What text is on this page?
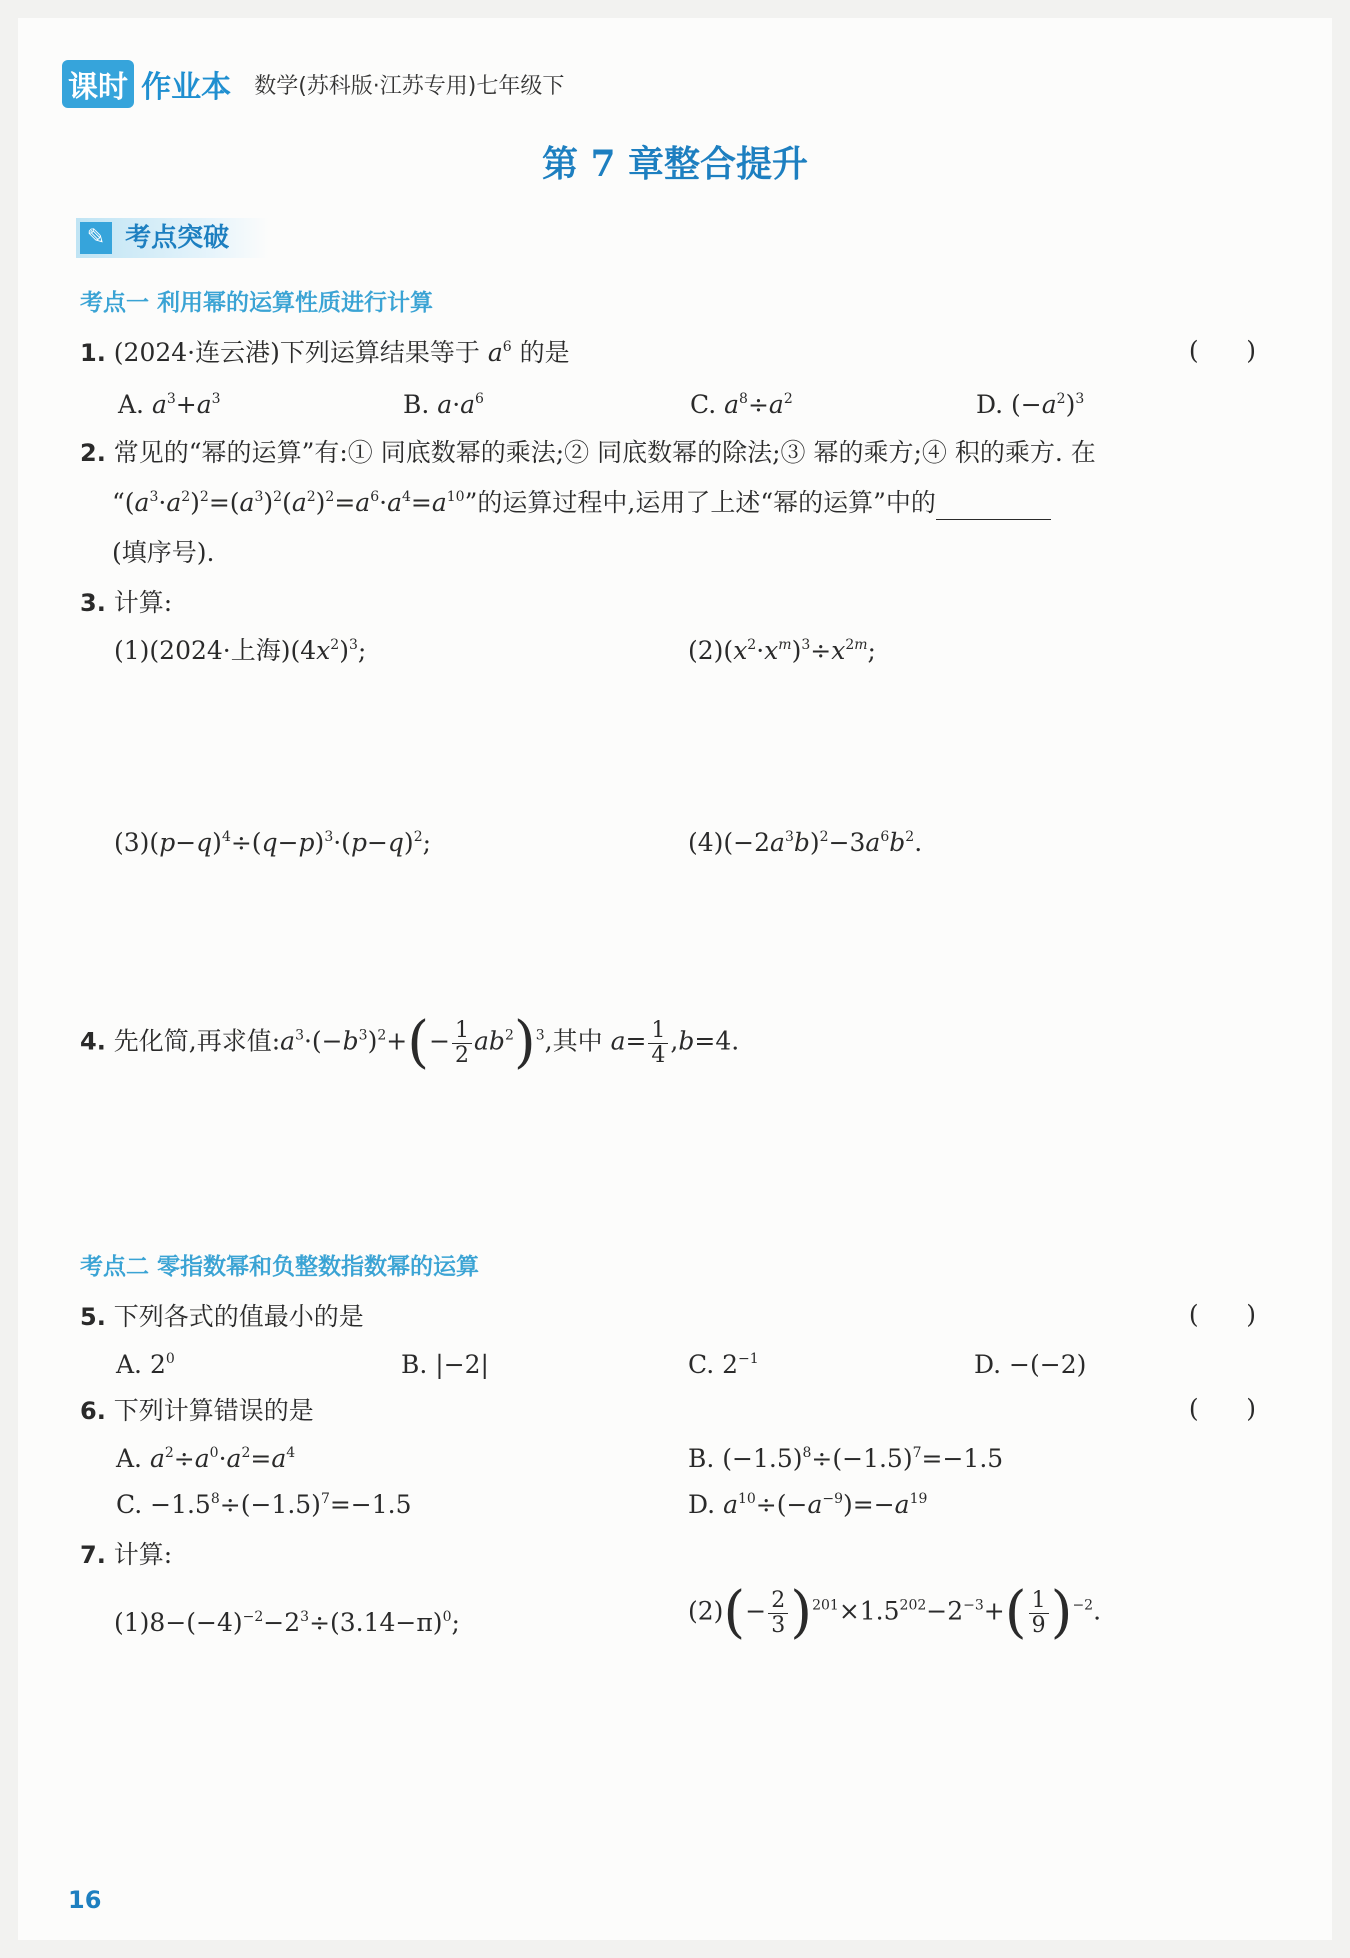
课时 作业本 数学(苏科版·江苏专用)七年级下
第 7 章整合提升
✎ 考点突破
考点一 利用幂的运算性质进行计算
1. (2024·连云港)下列运算结果等于 $a^6$ 的是	(      )
A. $a^3+a^3$	B. $a\cdot a^6$	C. $a^8\div a^2$	D. $(-a^2)^3$
2. 常见的“幂的运算”有:① 同底数幂的乘法;② 同底数幂的除法;③ 幂的乘方;④ 积的乘方. 在
“$(a^3\cdot a^2)^2=(a^3)^2(a^2)^2=a^6\cdot a^4=a^{10}$”的运算过程中,运用了上述“幂的运算”中的
(填序号).
3. 计算:
(1)(2024·上海)$(4x^2)^3$;	$(2)(x^2\cdot x^m)^3\div x^{2m}$;
$(3)(p-q)^4\div(q-p)^3\cdot(p-q)^2$;	$(4)(-2a^3b)^2-3a^6b^2$.
4. 先化简,再求值$:a^3\cdot(-b^3)^2+(- \frac{1}{2} ab^2)^3$,其中 $a= \frac{1}{4} ,b=4$.
考点二 零指数幂和负整数指数幂的运算
5. 下列各式的值最小的是	(      )
A. $2^0$	B. |−2|	C. $2^{-1}$	D. −(−2)
6. 下列计算错误的是	(      )
A. $a^2\div a^0\cdot a^2=a^4$	B. $(-1.5)^8\div(-1.5)^7=-1.5$
C. $-1.5^8\div(-1.5)^7=-1.5$	D. $a^{10}\div(-a^{-9})=-a^{19}$
7. 计算:
$(1)8-(-4)^{-2}-2^3\div(3.14-\pi)^0$;	$(2)(- \frac{2}{3} )^{201}\times 1.5^{202}-2^{-3}+( \frac{1}{9} )^{-2}$.
16
